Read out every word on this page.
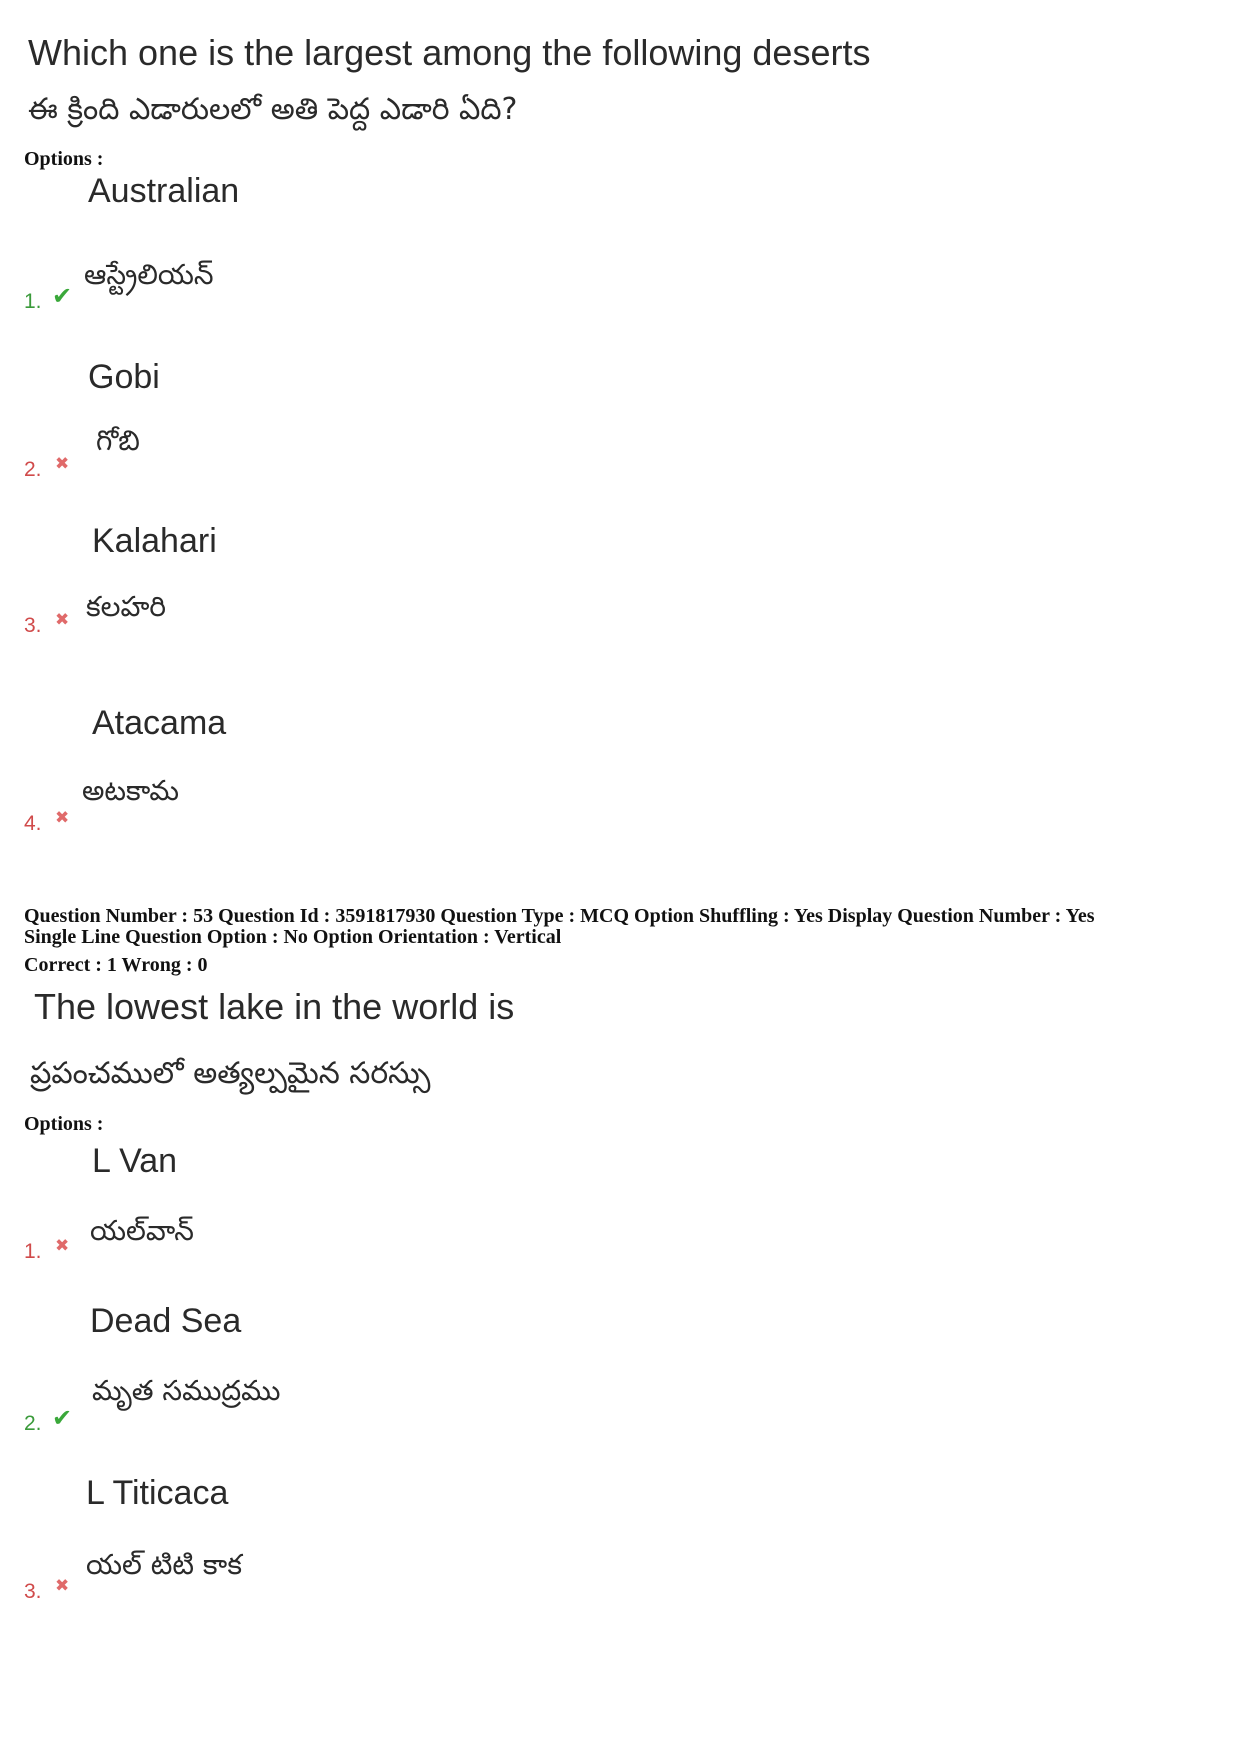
Which one is the largest among the following deserts
ఈ క్రింది ఎడారులలో అతి పెద్ద ఎడారి ఏది?
Options :
Australian
ఆస్ట్రేలియన్
1. ✔
Gobi
గోబి
2. ✖
Kalahari
కలహరి
3. ✖
Atacama
అటకామ
4. ✖
Question Number : 53 Question Id : 3591817930 Question Type : MCQ Option Shuffling : Yes Display Question Number : Yes
Single Line Question Option : No Option Orientation : Vertical
Correct : 1 Wrong : 0
The lowest lake in the world is
ప్రపంచములో అత్యల్పమైన సరస్సు
Options :
L Van
యల్‌వాన్
1. ✖
Dead Sea
మృత సముద్రము
2. ✔
L Titicaca
యల్ టిటి కాక
3. ✖
